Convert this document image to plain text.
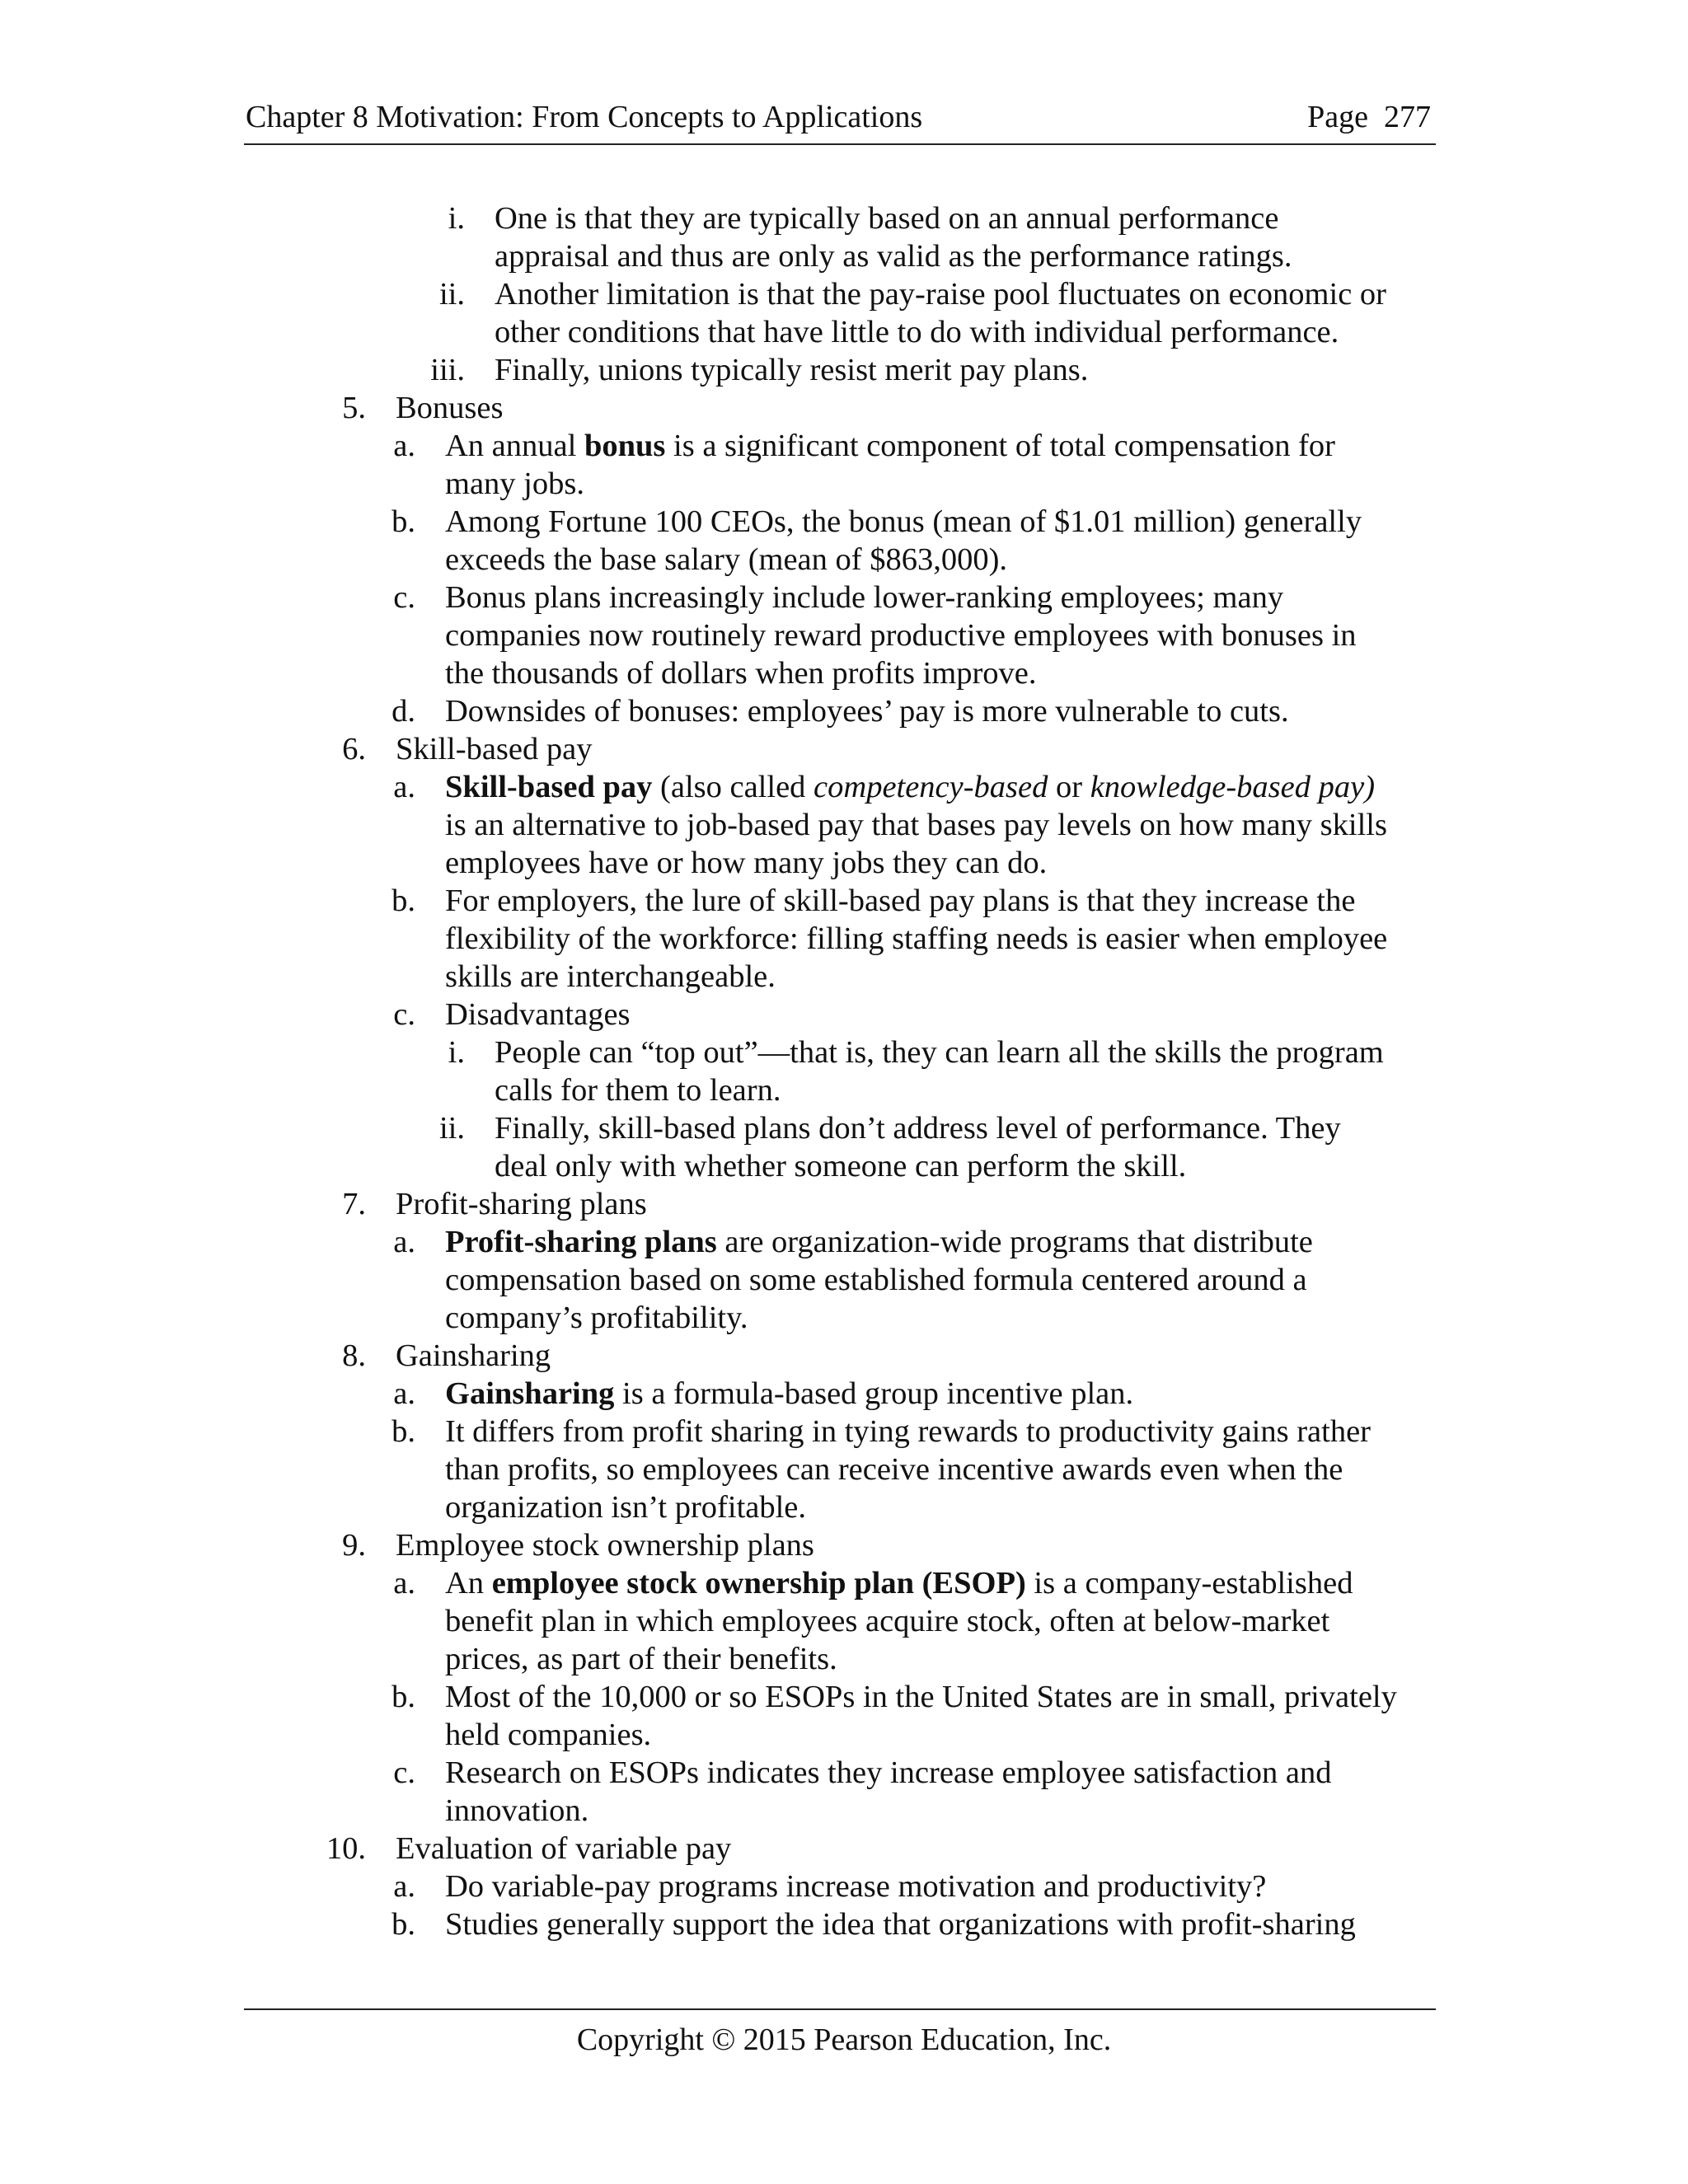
Chapter 8 Motivation: From Concepts to Applications	Page 277
i. One is that they are typically based on an annual performance
appraisal and thus are only as valid as the performance ratings.
ii. Another limitation is that the pay-raise pool fluctuates on economic or
other conditions that have little to do with individual performance.
iii. Finally, unions typically resist merit pay plans.
5. Bonuses
a. An annual bonus is a significant component of total compensation for
many jobs.
b. Among Fortune 100 CEOs, the bonus (mean of $1.01 million) generally
exceeds the base salary (mean of $863,000).
c. Bonus plans increasingly include lower-ranking employees; many
companies now routinely reward productive employees with bonuses in
the thousands of dollars when profits improve.
d. Downsides of bonuses: employees’ pay is more vulnerable to cuts.
6. Skill-based pay
a. Skill-based pay (also called competency-based or knowledge-based pay)
is an alternative to job-based pay that bases pay levels on how many skills
employees have or how many jobs they can do.
b. For employers, the lure of skill-based pay plans is that they increase the
flexibility of the workforce: filling staffing needs is easier when employee
skills are interchangeable.
c. Disadvantages
i. People can “top out”—that is, they can learn all the skills the program
calls for them to learn.
ii. Finally, skill-based plans don’t address level of performance. They
deal only with whether someone can perform the skill.
7. Profit-sharing plans
a. Profit-sharing plans are organization-wide programs that distribute
compensation based on some established formula centered around a
company’s profitability.
8. Gainsharing
a. Gainsharing is a formula-based group incentive plan.
b. It differs from profit sharing in tying rewards to productivity gains rather
than profits, so employees can receive incentive awards even when the
organization isn’t profitable.
9. Employee stock ownership plans
a. An employee stock ownership plan (ESOP) is a company-established
benefit plan in which employees acquire stock, often at below-market
prices, as part of their benefits.
b. Most of the 10,000 or so ESOPs in the United States are in small, privately
held companies.
c. Research on ESOPs indicates they increase employee satisfaction and
innovation.
10. Evaluation of variable pay
a. Do variable-pay programs increase motivation and productivity?
b. Studies generally support the idea that organizations with profit-sharing
Copyright © 2015 Pearson Education, Inc.
